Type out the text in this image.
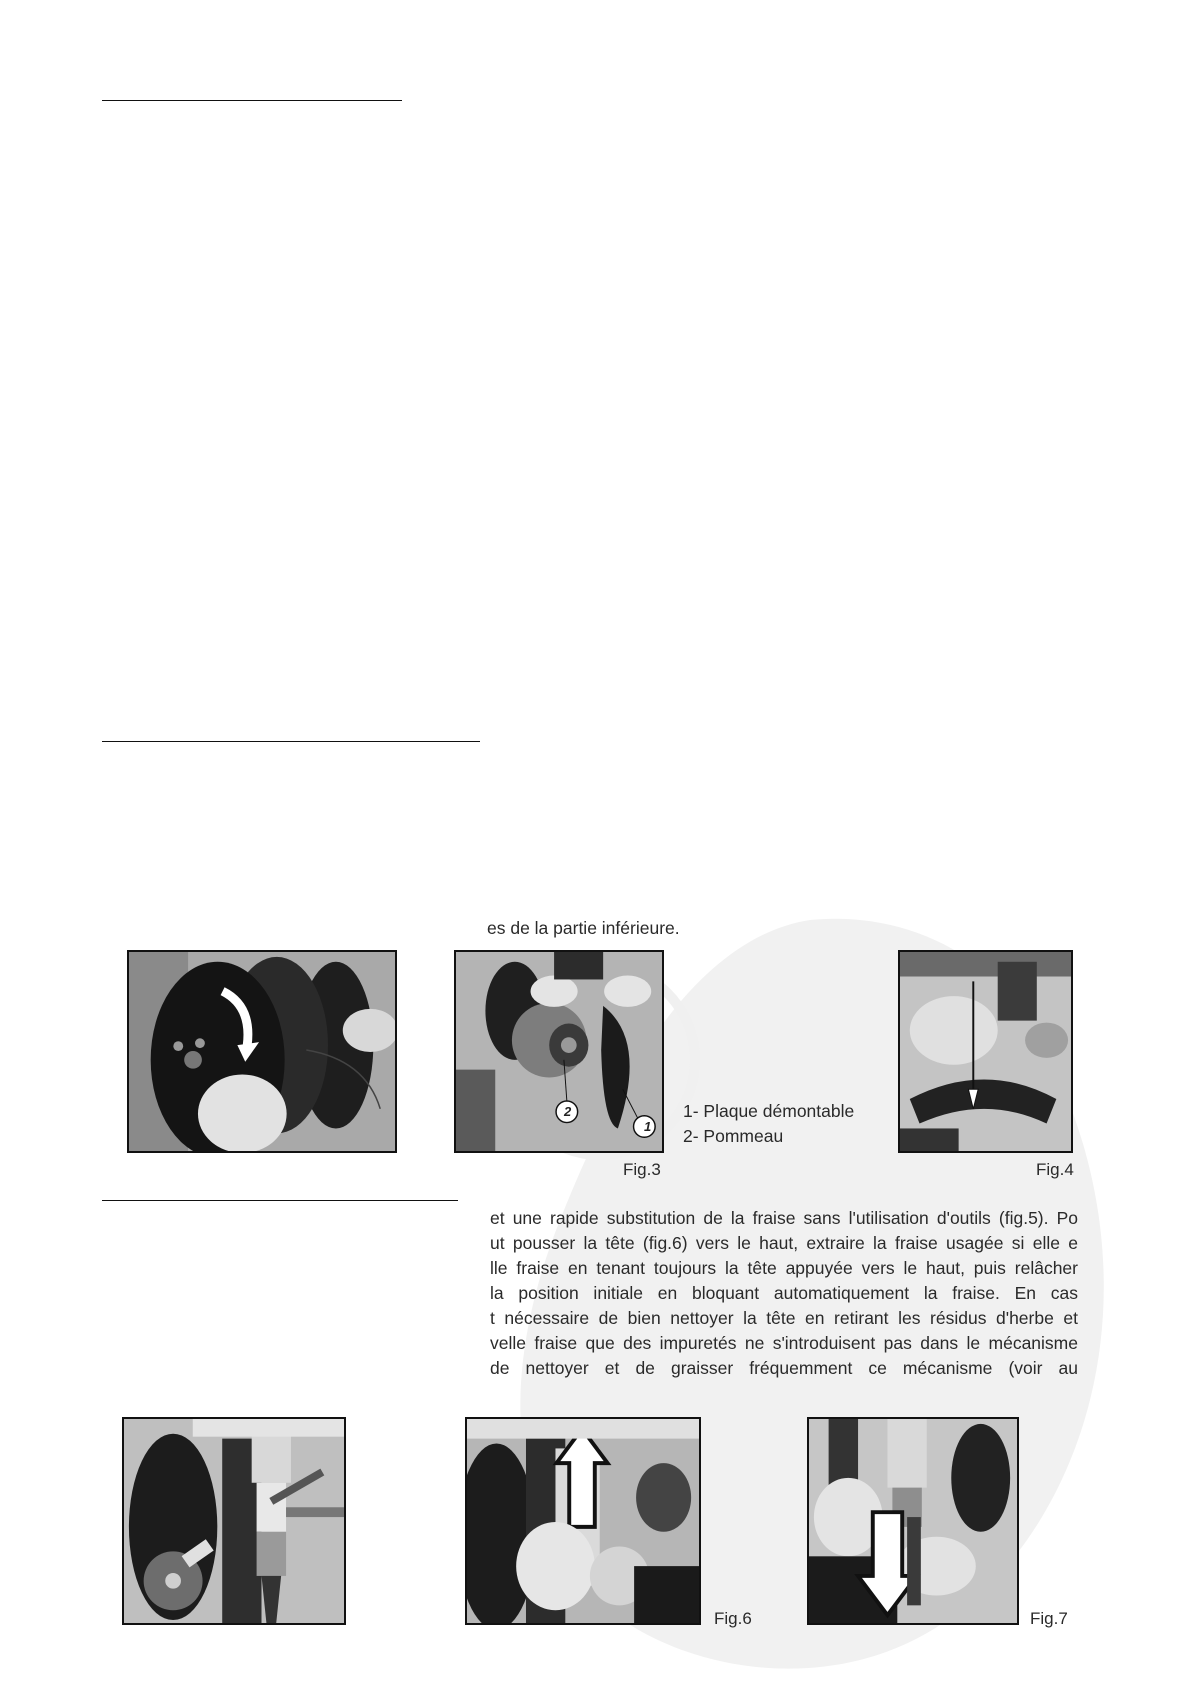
es de la partie inférieure.
2
1
1- Plaque démontable
2- Pommeau
Fig.3	Fig.4
et une rapide substitution de la fraise sans l'utilisation d'outils (fig.5). Po
ut pousser la tête (fig.6) vers le haut, extraire la fraise usagée si elle e
lle fraise en tenant toujours la tête appuyée vers le haut, puis relâcher
la position initiale en bloquant automatiquement la fraise. En cas
t nécessaire de bien nettoyer la tête en retirant les résidus d'herbe et
velle fraise que des impuretés ne s'introduisent pas dans le mécanisme
de nettoyer et de graisser fréquemment ce mécanisme (voir au
Fig.6	Fig.7
